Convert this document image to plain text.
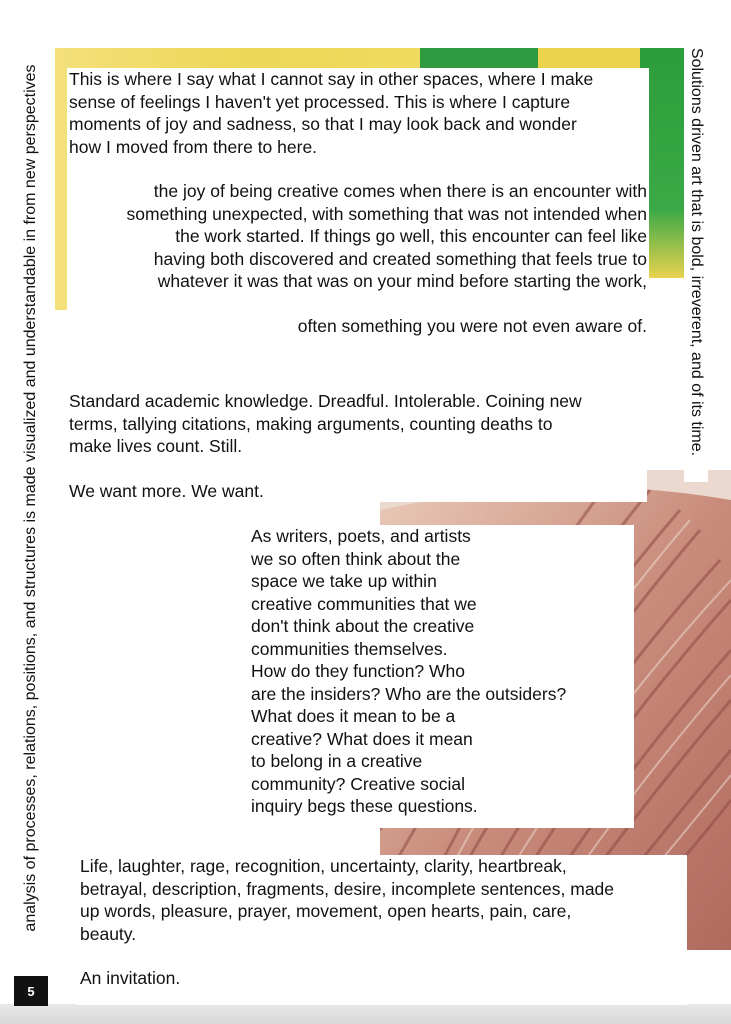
analysis of processes, relations, positions, and structures is made visualized and understandable in from new perspectives	Solutions driven art that is bold, irreverent, and of its time.
5

This is where I say what I cannot say in other spaces, where I make

sense of feelings I haven't yet processed. This is where I capture

moments of joy and sadness, so that I may look back and wonder

how I moved from there to here.

the joy of being creative comes when there is an encounter with

something unexpected, with something that was not intended when

the work started. If things go well, this encounter can feel like

having both discovered and created something that feels true to

whatever it was that was on your mind before starting the work,

often something you were not even aware of.

Standard academic knowledge. Dreadful. Intolerable. Coining new

terms, tallying citations, making arguments, counting deaths to

make lives count. Still.

We want more. We want.

As writers, poets, and artists

we so often think about the

space we take up within

creative communities that we

don't think about the creative

communities themselves.

How do they function? Who

are the insiders? Who are the outsiders?

What does it mean to be a

creative? What does it mean

to belong in a creative

community? Creative social

inquiry begs these questions.

Life, laughter, rage, recognition, uncertainty, clarity, heartbreak,

betrayal, description, fragments, desire, incomplete sentences, made

up words, pleasure, prayer, movement, open hearts, pain, care,

beauty.

An invitation.
